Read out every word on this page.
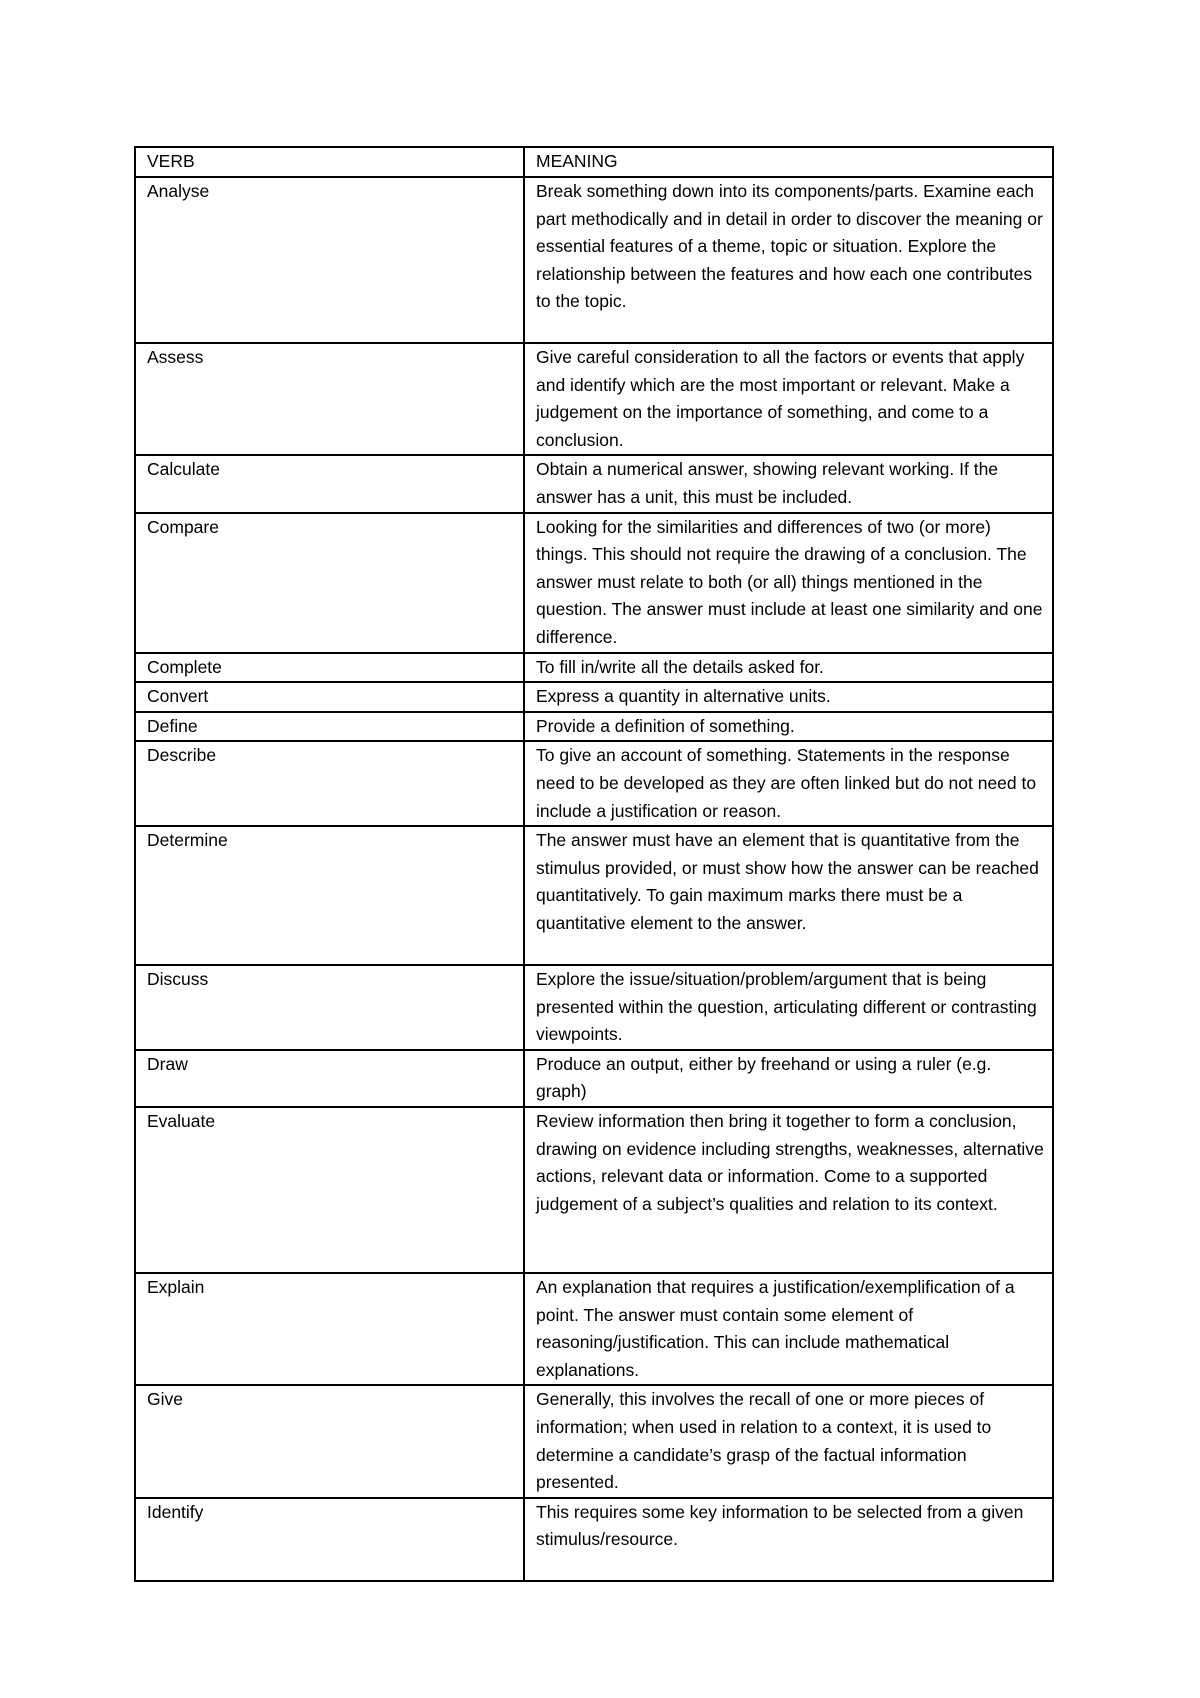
VERB	MEANING
Analyse	Break something down into its components/parts. Examine each part methodically and in detail in order to discover the meaning or essential features of a theme, topic or situation. Explore the relationship between the features and how each one contributes to the topic.
Assess	Give careful consideration to all the factors or events that apply and identify which are the most important or relevant. Make a judgement on the importance of something, and come to a conclusion.
Calculate	Obtain a numerical answer, showing relevant working. If the answer has a unit, this must be included.
Compare	Looking for the similarities and differences of two (or more) things. This should not require the drawing of a conclusion. The answer must relate to both (or all) things mentioned in the question. The answer must include at least one similarity and one difference.
Complete	To fill in/write all the details asked for.
Convert	Express a quantity in alternative units.
Define	Provide a definition of something.
Describe	To give an account of something. Statements in the response need to be developed as they are often linked but do not need to include a justification or reason.
Determine	The answer must have an element that is quantitative from the stimulus provided, or must show how the answer can be reached quantitatively. To gain maximum marks there must be a quantitative element to the answer.
Discuss	Explore the issue/situation/problem/argument that is being presented within the question, articulating different or contrasting viewpoints.
Draw	Produce an output, either by freehand or using a ruler (e.g. graph)
Evaluate	Review information then bring it together to form a conclusion, drawing on evidence including strengths, weaknesses, alternative actions, relevant data or information. Come to a supported judgement of a subject’s qualities and relation to its context.
Explain	An explanation that requires a justification/exemplification of a point. The answer must contain some element of reasoning/justification. This can include mathematical explanations.
Give	Generally, this involves the recall of one or more pieces of information; when used in relation to a context, it is used to determine a candidate’s grasp of the factual information presented.
Identify	This requires some key information to be selected from a given stimulus/resource.
